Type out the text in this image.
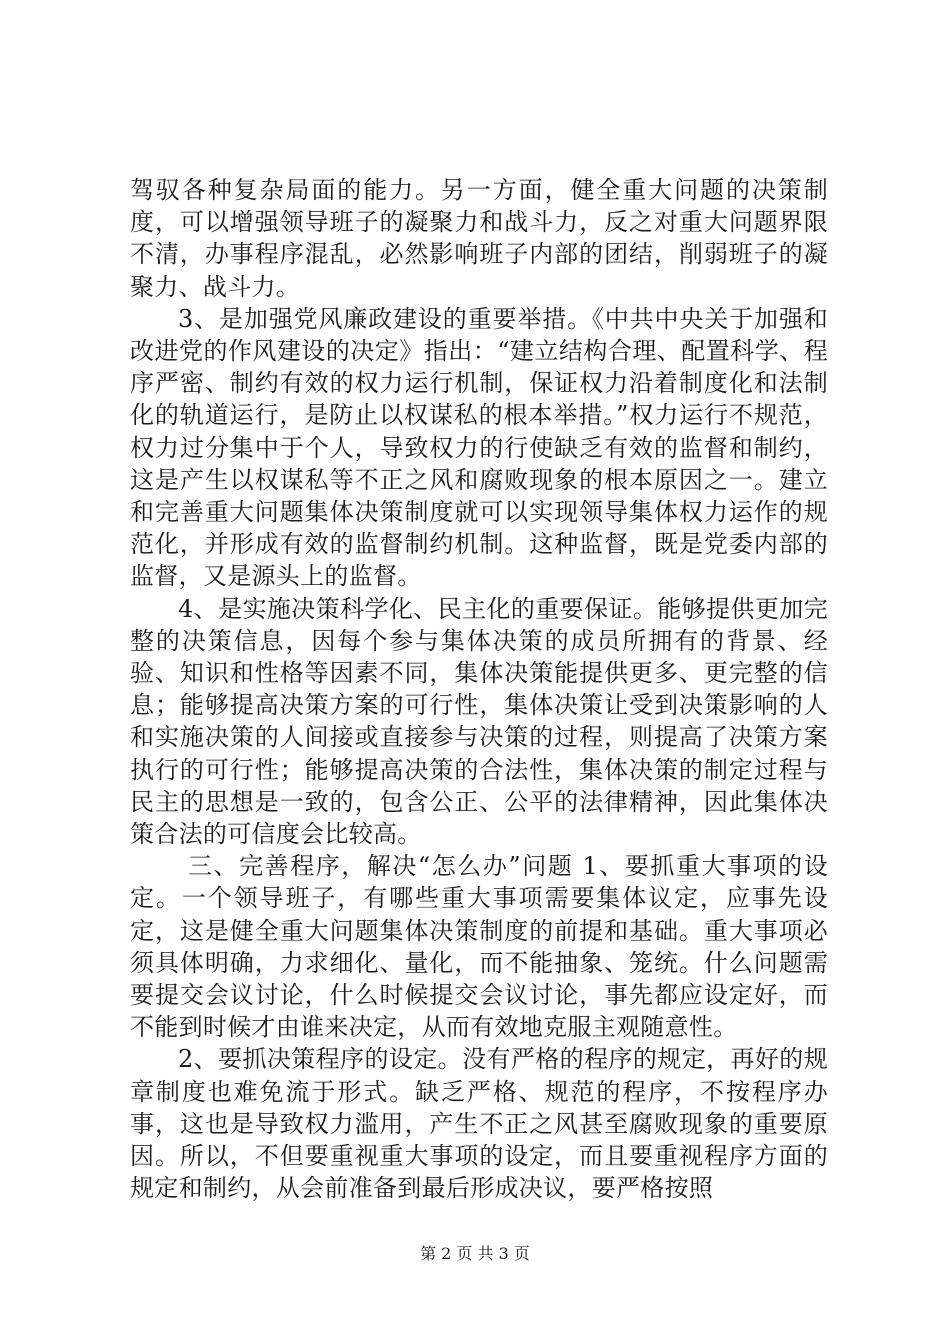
驾驭各种复杂局面的能力。另一方面，健全重大问题的决策制度，可以增强领导班子的凝聚力和战斗力，反之对重大问题界限不清，办事程序混乱，必然影响班子内部的团结，削弱班子的凝聚力、战斗力。

3、是加强党风廉政建设的重要举措。《中共中央关于加强和改进党的作风建设的决定》指出：“建立结构合理、配置科学、程序严密、制约有效的权力运行机制，保证权力沿着制度化和法制化的轨道运行，是防止以权谋私的根本举措。”权力运行不规范，权力过分集中于个人，导致权力的行使缺乏有效的监督和制约，这是产生以权谋私等不正之风和腐败现象的根本原因之一。建立和完善重大问题集体决策制度就可以实现领导集体权力运作的规范化，并形成有效的监督制约机制。这种监督，既是党委内部的监督，又是源头上的监督。

4、是实施决策科学化、民主化的重要保证。能够提供更加完整的决策信息，因每个参与集体决策的成员所拥有的背景、经验、知识和性格等因素不同，集体决策能提供更多、更完整的信息；能够提高决策方案的可行性，集体决策让受到决策影响的人和实施决策的人间接或直接参与决策的过程，则提高了决策方案执行的可行性；能够提高决策的合法性，集体决策的制定过程与民主的思想是一致的，包含公正、公平的法律精神，因此集体决策合法的可信度会比较高。

三、完善程序，解决“怎么办”问题 1、要抓重大事项的设定。一个领导班子，有哪些重大事项需要集体议定，应事先设定，这是健全重大问题集体决策制度的前提和基础。重大事项必须具体明确，力求细化、量化，而不能抽象、笼统。什么问题需要提交会议讨论，什么时候提交会议讨论，事先都应设定好，而不能到时候才由谁来决定，从而有效地克服主观随意性。

2、要抓决策程序的设定。没有严格的程序的规定，再好的规章制度也难免流于形式。缺乏严格、规范的程序，不按程序办事，这也是导致权力滥用，产生不正之风甚至腐败现象的重要原因。所以，不但要重视重大事项的设定，而且要重视程序方面的规定和制约，从会前准备到最后形成决议，要严格按照

第 2 页 共 3 页
